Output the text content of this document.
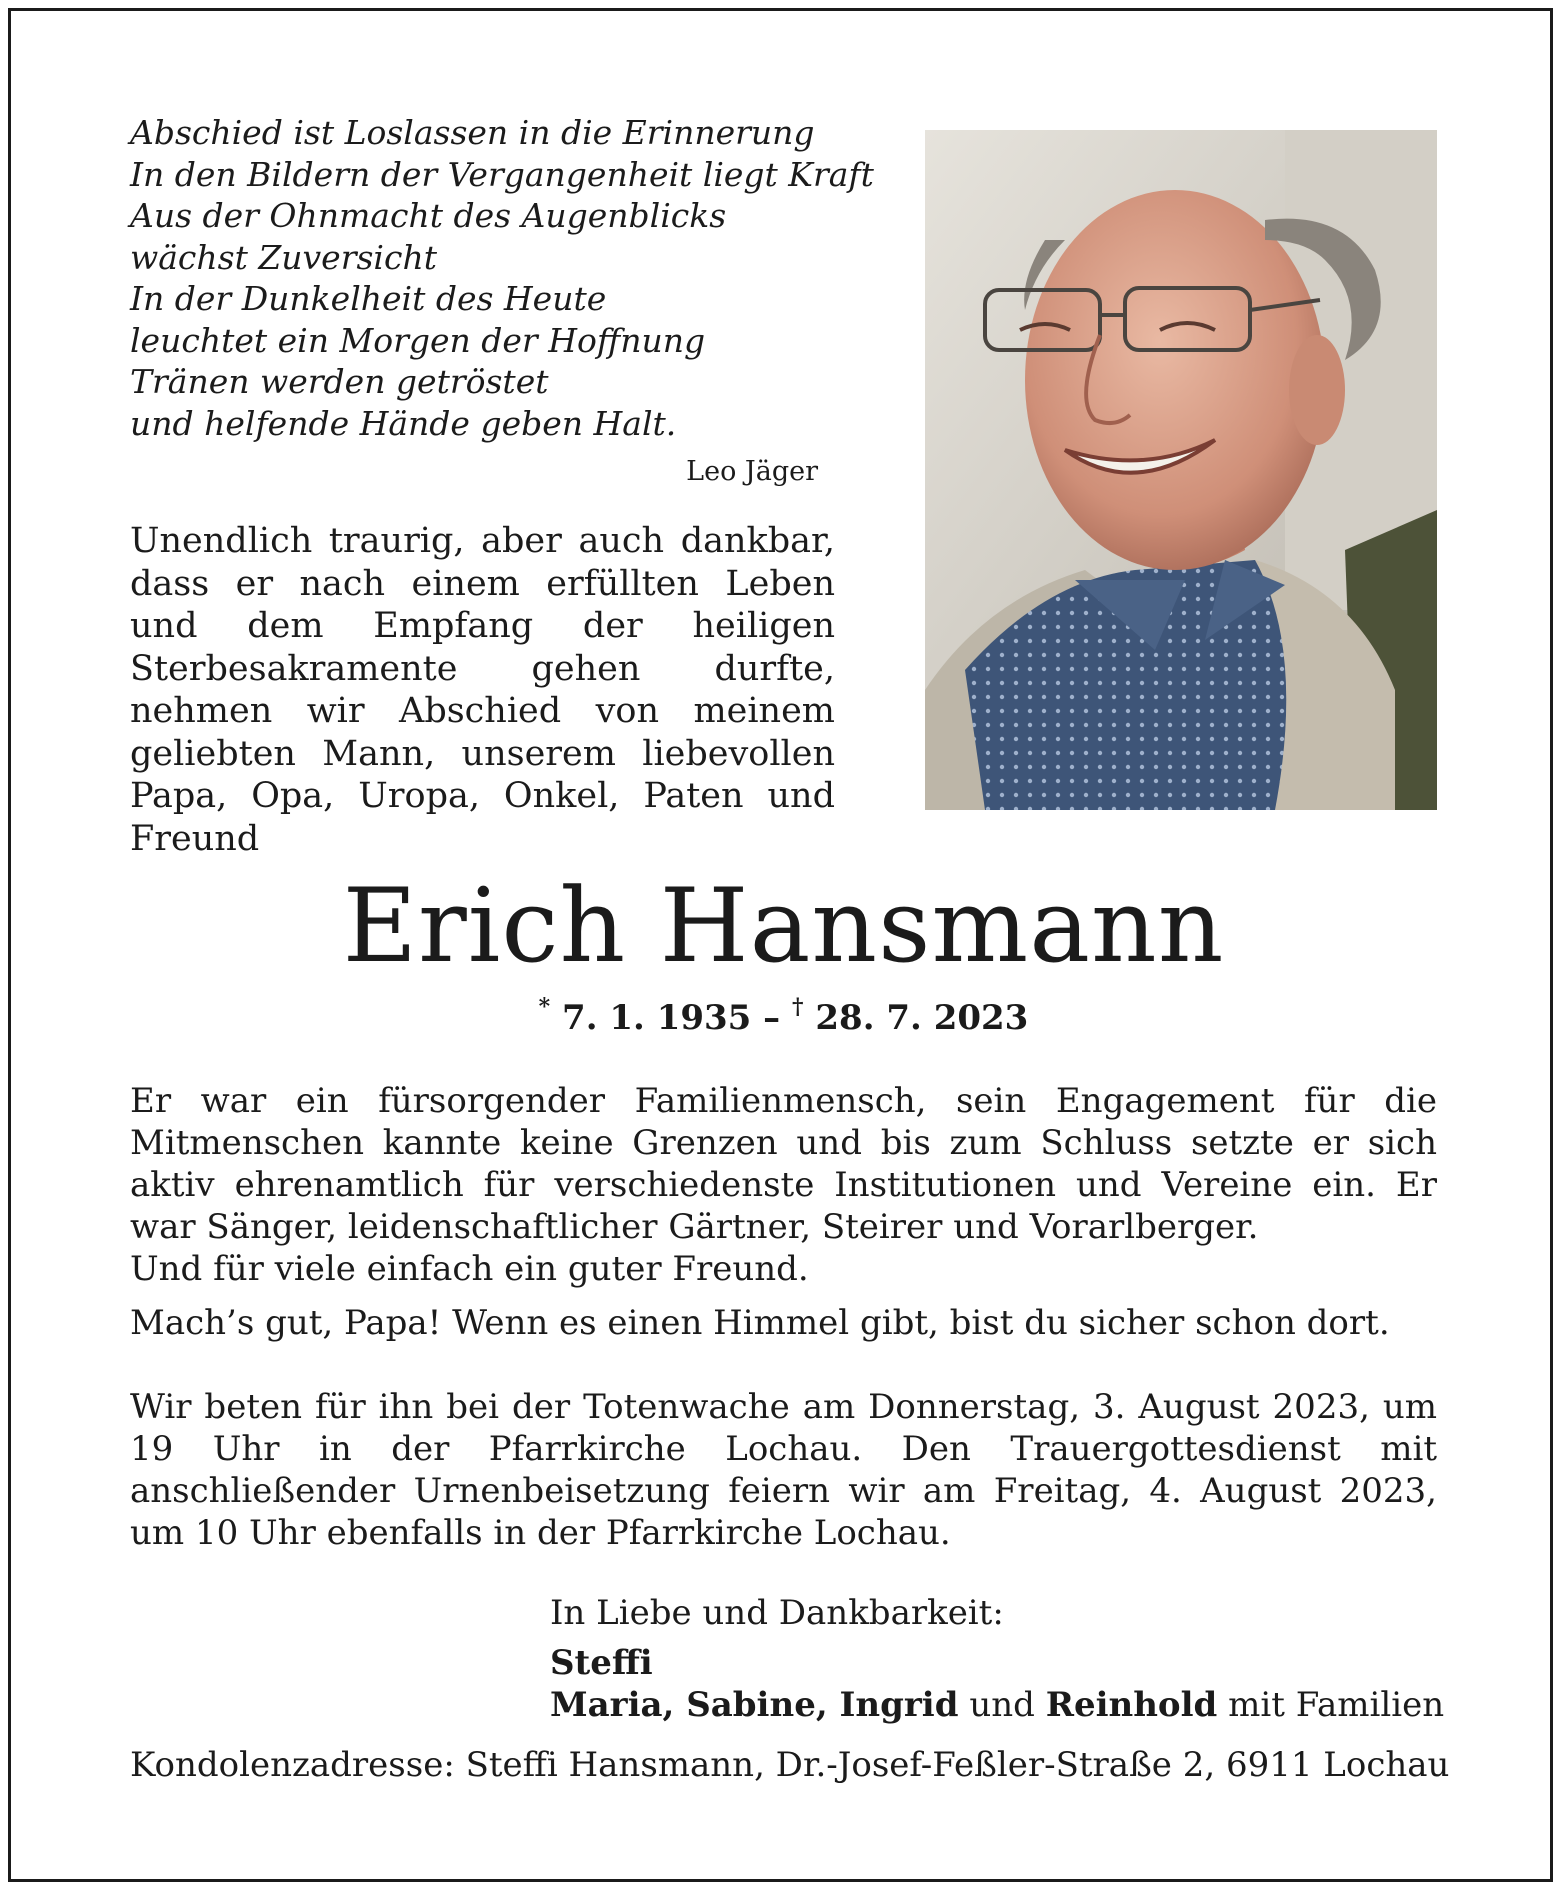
Abschied ist Loslassen in die Erinnerung
In den Bildern der Vergangenheit liegt Kraft
Aus der Ohnmacht des Augenblicks
wächst Zuversicht
In der Dunkelheit des Heute
leuchtet ein Morgen der Hoffnung
Tränen werden getröstet
und helfende Hände geben Halt.
Leo Jäger

Unendlich traurig, aber auch dankbar, dass er nach einem erfüllten Leben und dem Empfang der heiligen Sterbesakramente gehen durfte, nehmen wir Abschied von meinem geliebten Mann, unserem liebevollen Papa, Opa, Uropa, Onkel, Paten und Freund

Erich Hansmann
* 7. 1. 1935 – † 28. 7. 2023
Er war ein fürsorgender Familienmensch, sein Engagement für die Mitmenschen kannte keine Grenzen und bis zum Schluss setzte er sich aktiv ehrenamtlich für verschiedenste Institutionen und Vereine ein. Er war Sänger, leidenschaftlicher Gärtner, Steirer und Vorarlberger.
Und für viele einfach ein guter Freund.

Mach’s gut, Papa! Wenn es einen Himmel gibt, bist du sicher schon dort.

Wir beten für ihn bei der Totenwache am Donnerstag, 3. August 2023, um 19 Uhr in der Pfarrkirche Lochau. Den Trauergottesdienst mit anschließender Urnenbeisetzung feiern wir am Freitag, 4. August 2023, um 10 Uhr ebenfalls in der Pfarrkirche Lochau.

In Liebe und Dankbarkeit:
Steffi
Maria, Sabine, Ingrid und Reinhold mit Familien
Kondolenzadresse: Steffi Hansmann, Dr.-Josef-Feßler-Straße 2, 6911 Lochau
